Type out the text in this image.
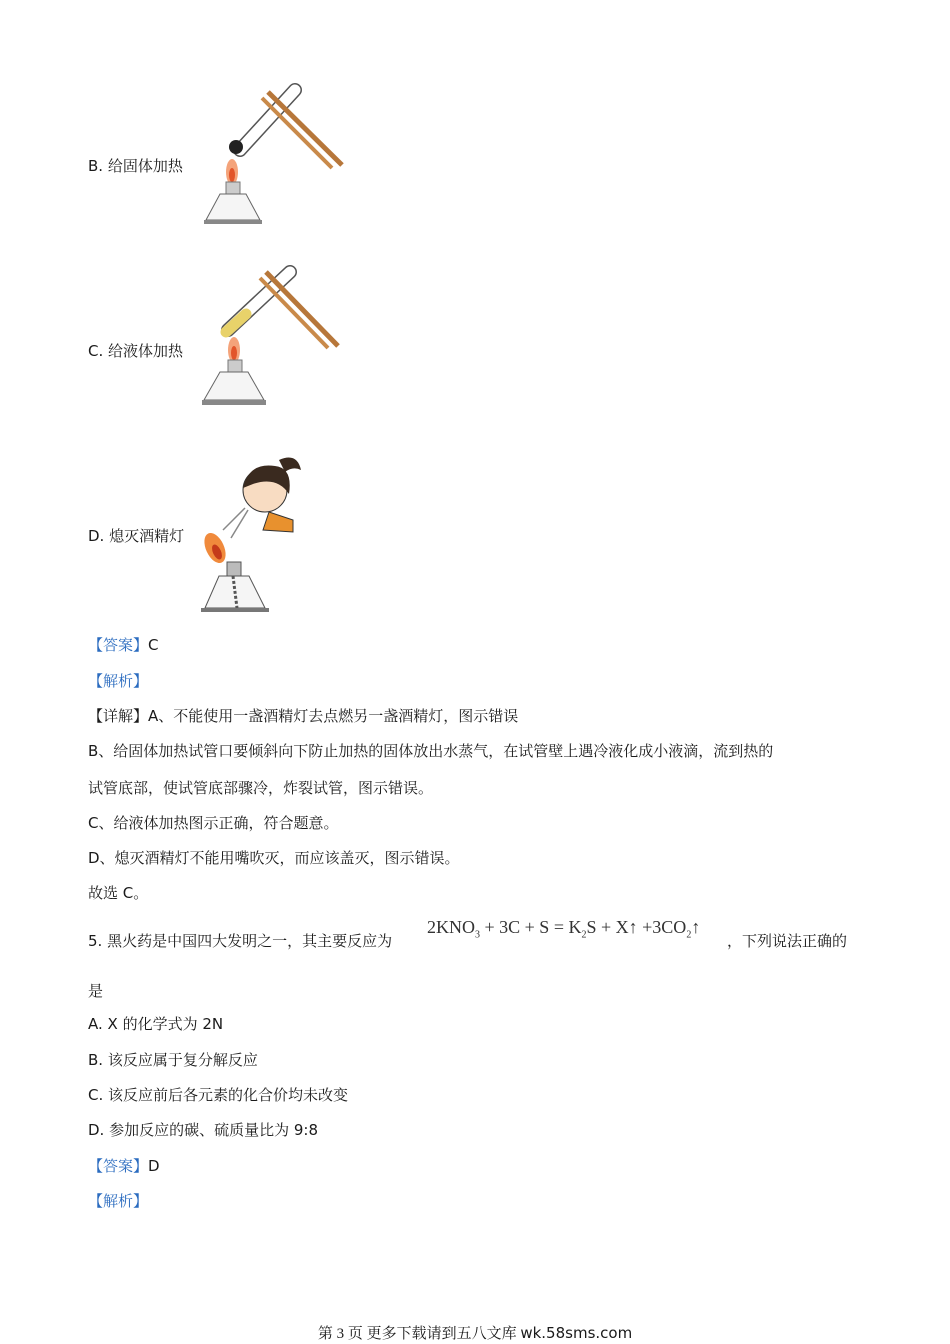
B. 给固体加热
C. 给液体加热
D. 熄灭酒精灯
【答案】C
【解析】
【详解】A、不能使用一盏酒精灯去点燃另一盏酒精灯，图示错误
B、给固体加热试管口要倾斜向下防止加热的固体放出水蒸气，在试管壁上遇冷液化成小液滴，流到热的
试管底部，使试管底部骤冷，炸裂试管，图示错误。
C、给液体加热图示正确，符合题意。
D、熄灭酒精灯不能用嘴吹灭，而应该盖灭，图示错误。
故选 C。
5. 黑火药是中国四大发明之一，其主要反应为
$2KNO_3 + 3C + S = K_2S$ + X↑ $+3CO_2↑$
，下列说法正确的
是
A. X 的化学式为 2N
B. 该反应属于复分解反应
C. 该反应前后各元素的化合价均未改变
D. 参加反应的碳、硫质量比为 9:8
【答案】D
【解析】
第 3 页 更多下载请到五八文库 wk.58sms.com
